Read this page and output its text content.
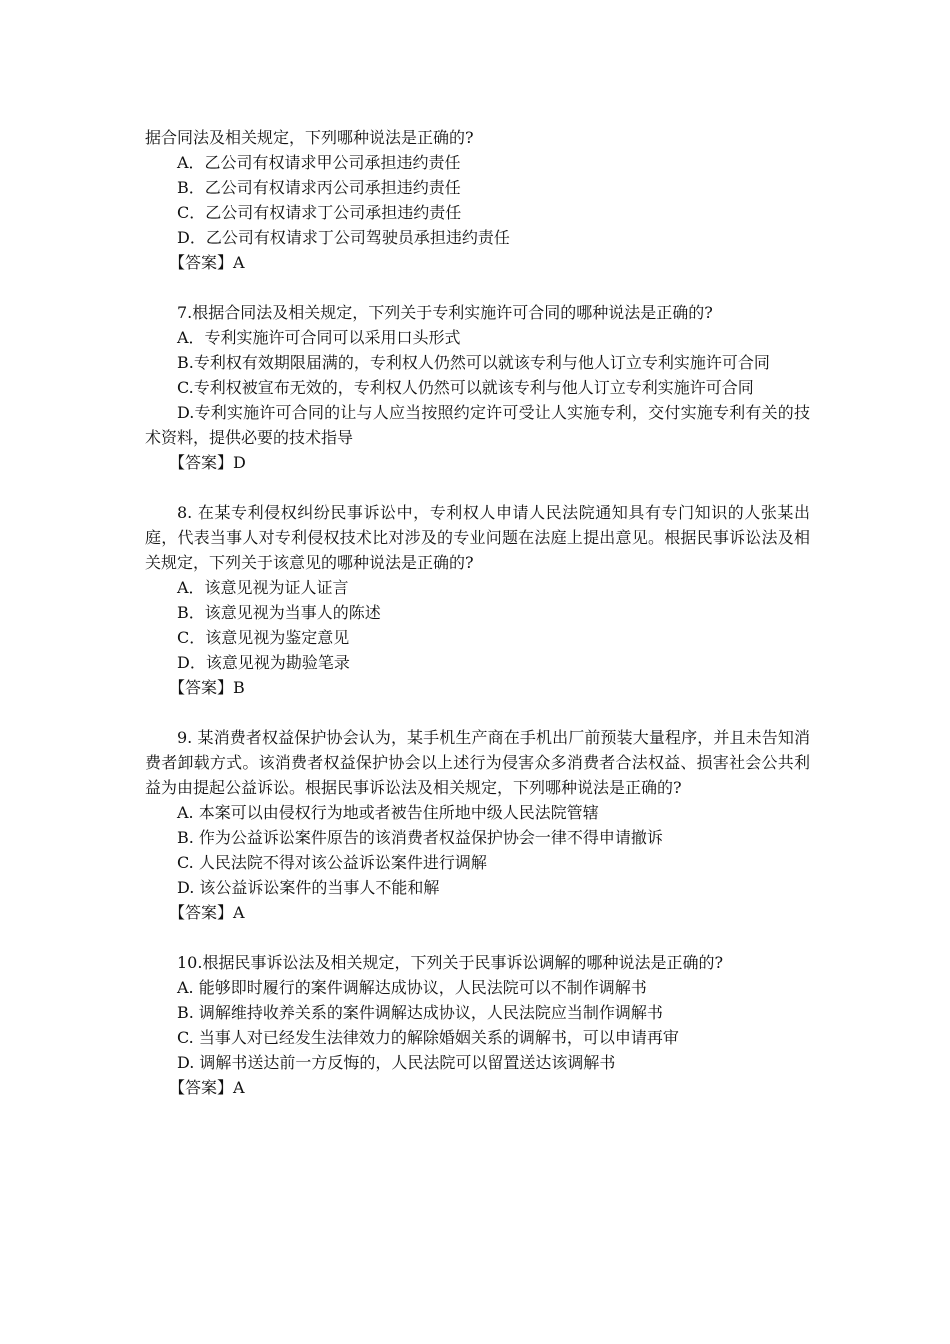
据合同法及相关规定，下列哪种说法是正确的?

A．乙公司有权请求甲公司承担违约责任

B．乙公司有权请求丙公司承担违约责任

C．乙公司有权请求丁公司承担违约责任

D．乙公司有权请求丁公司驾驶员承担违约责任

【答案】A

7.根据合同法及相关规定，下列关于专利实施许可合同的哪种说法是正确的?

A．专利实施许可合同可以采用口头形式

B.专利权有效期限届满的，专利权人仍然可以就该专利与他人订立专利实施许可合同

C.专利权被宣布无效的，专利权人仍然可以就该专利与他人订立专利实施许可合同

D.专利实施许可合同的让与人应当按照约定许可受让人实施专利，交付实施专利有关的技术资料，提供必要的技术指导

【答案】D

8. 在某专利侵权纠纷民事诉讼中，专利权人申请人民法院通知具有专门知识的人张某出庭，代表当事人对专利侵权技术比对涉及的专业问题在法庭上提出意见。根据民事诉讼法及相关规定，下列关于该意见的哪种说法是正确的?

A．该意见视为证人证言

B．该意见视为当事人的陈述

C．该意见视为鉴定意见

D．该意见视为勘验笔录

【答案】B

9. 某消费者权益保护协会认为，某手机生产商在手机出厂前预装大量程序，并且未告知消费者卸载方式。该消费者权益保护协会以上述行为侵害众多消费者合法权益、损害社会公共利益为由提起公益诉讼。根据民事诉讼法及相关规定，下列哪种说法是正确的?

A. 本案可以由侵权行为地或者被告住所地中级人民法院管辖

B. 作为公益诉讼案件原告的该消费者权益保护协会一律不得申请撤诉

C. 人民法院不得对该公益诉讼案件进行调解

D. 该公益诉讼案件的当事人不能和解

【答案】A

10.根据民事诉讼法及相关规定，下列关于民事诉讼调解的哪种说法是正确的?

A. 能够即时履行的案件调解达成协议，人民法院可以不制作调解书

B. 调解维持收养关系的案件调解达成协议，人民法院应当制作调解书

C. 当事人对已经发生法律效力的解除婚姻关系的调解书，可以申请再审

D. 调解书送达前一方反悔的，人民法院可以留置送达该调解书

【答案】A
